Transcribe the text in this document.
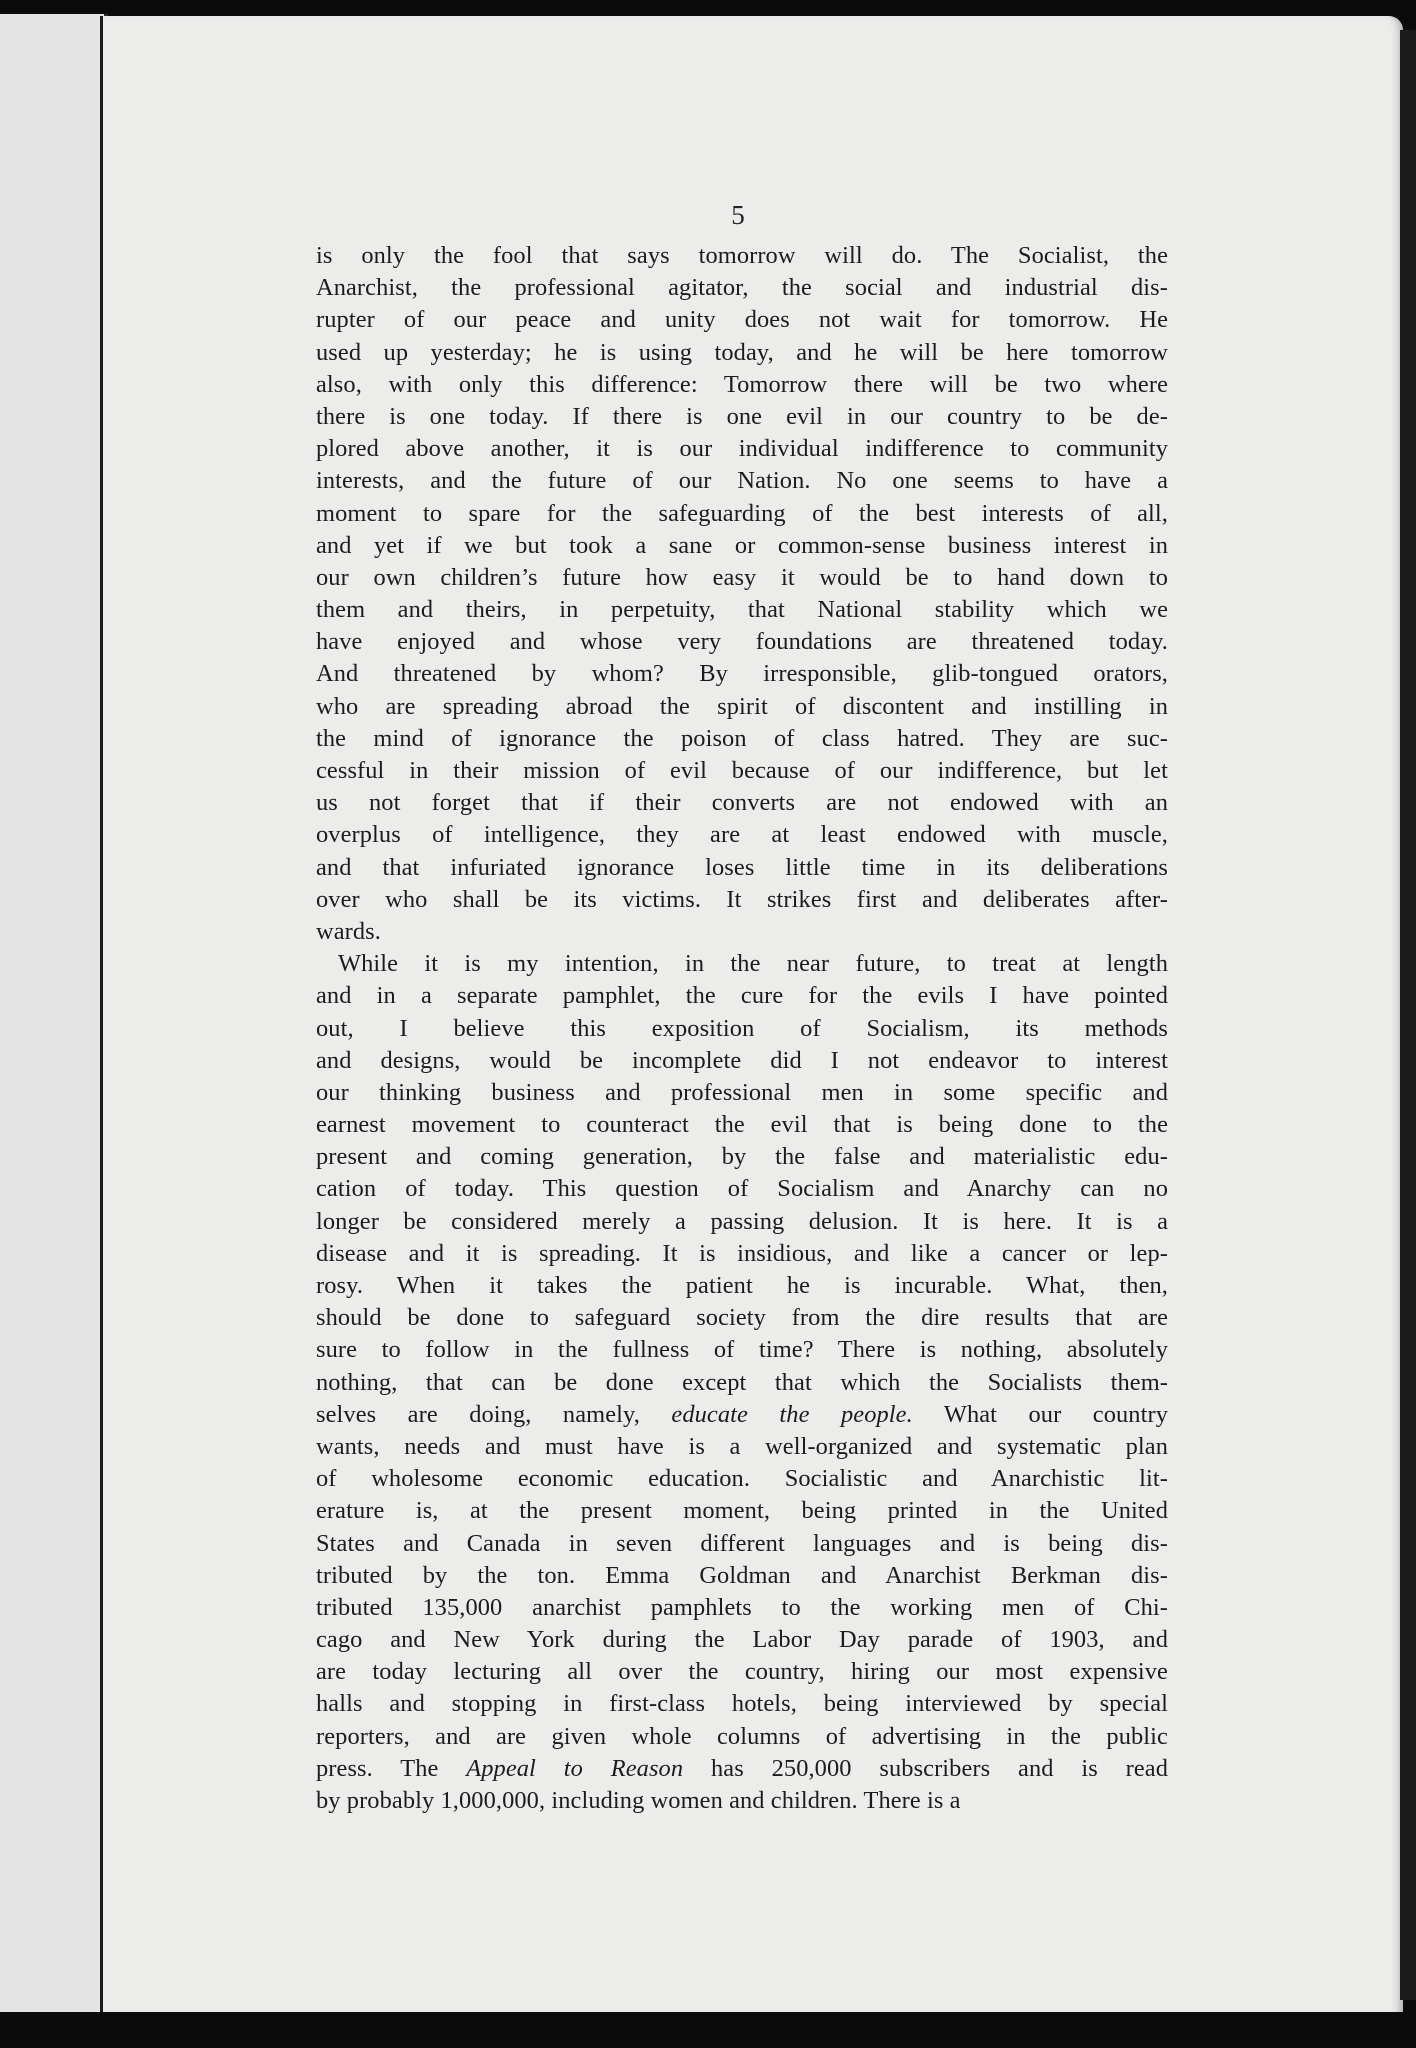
5
is only the fool that says tomorrow will do. The Socialist, the
Anarchist, the professional agitator, the social and industrial dis-
rupter of our peace and unity does not wait for tomorrow. He
used up yesterday; he is using today, and he will be here tomorrow
also, with only this difference: Tomorrow there will be two where
there is one today. If there is one evil in our country to be de-
plored above another, it is our individual indifference to community
interests, and the future of our Nation. No one seems to have a
moment to spare for the safeguarding of the best interests of all,
and yet if we but took a sane or common-sense business interest in
our own children’s future how easy it would be to hand down to
them and theirs, in perpetuity, that National stability which we
have enjoyed and whose very foundations are threatened today.
And threatened by whom? By irresponsible, glib-tongued orators,
who are spreading abroad the spirit of discontent and instilling in
the mind of ignorance the poison of class hatred. They are suc-
cessful in their mission of evil because of our indifference, but let
us not forget that if their converts are not endowed with an
overplus of intelligence, they are at least endowed with muscle,
and that infuriated ignorance loses little time in its deliberations
over who shall be its victims. It strikes first and deliberates after-
wards.
While it is my intention, in the near future, to treat at length
and in a separate pamphlet, the cure for the evils I have pointed
out, I believe this exposition of Socialism, its methods
and designs, would be incomplete did I not endeavor to interest
our thinking business and professional men in some specific and
earnest movement to counteract the evil that is being done to the
present and coming generation, by the false and materialistic edu-
cation of today. This question of Socialism and Anarchy can no
longer be considered merely a passing delusion. It is here. It is a
disease and it is spreading. It is insidious, and like a cancer or lep-
rosy. When it takes the patient he is incurable. What, then,
should be done to safeguard society from the dire results that are
sure to follow in the fullness of time? There is nothing, absolutely
nothing, that can be done except that which the Socialists them-
selves are doing, namely, educate the people. What our country
wants, needs and must have is a well-organized and systematic plan
of wholesome economic education. Socialistic and Anarchistic lit-
erature is, at the present moment, being printed in the United
States and Canada in seven different languages and is being dis-
tributed by the ton. Emma Goldman and Anarchist Berkman dis-
tributed 135,000 anarchist pamphlets to the working men of Chi-
cago and New York during the Labor Day parade of 1903, and
are today lecturing all over the country, hiring our most expensive
halls and stopping in first-class hotels, being interviewed by special
reporters, and are given whole columns of advertising in the public
press. The Appeal to Reason has 250,000 subscribers and is read
by probably 1,000,000, including women and children. There is a
